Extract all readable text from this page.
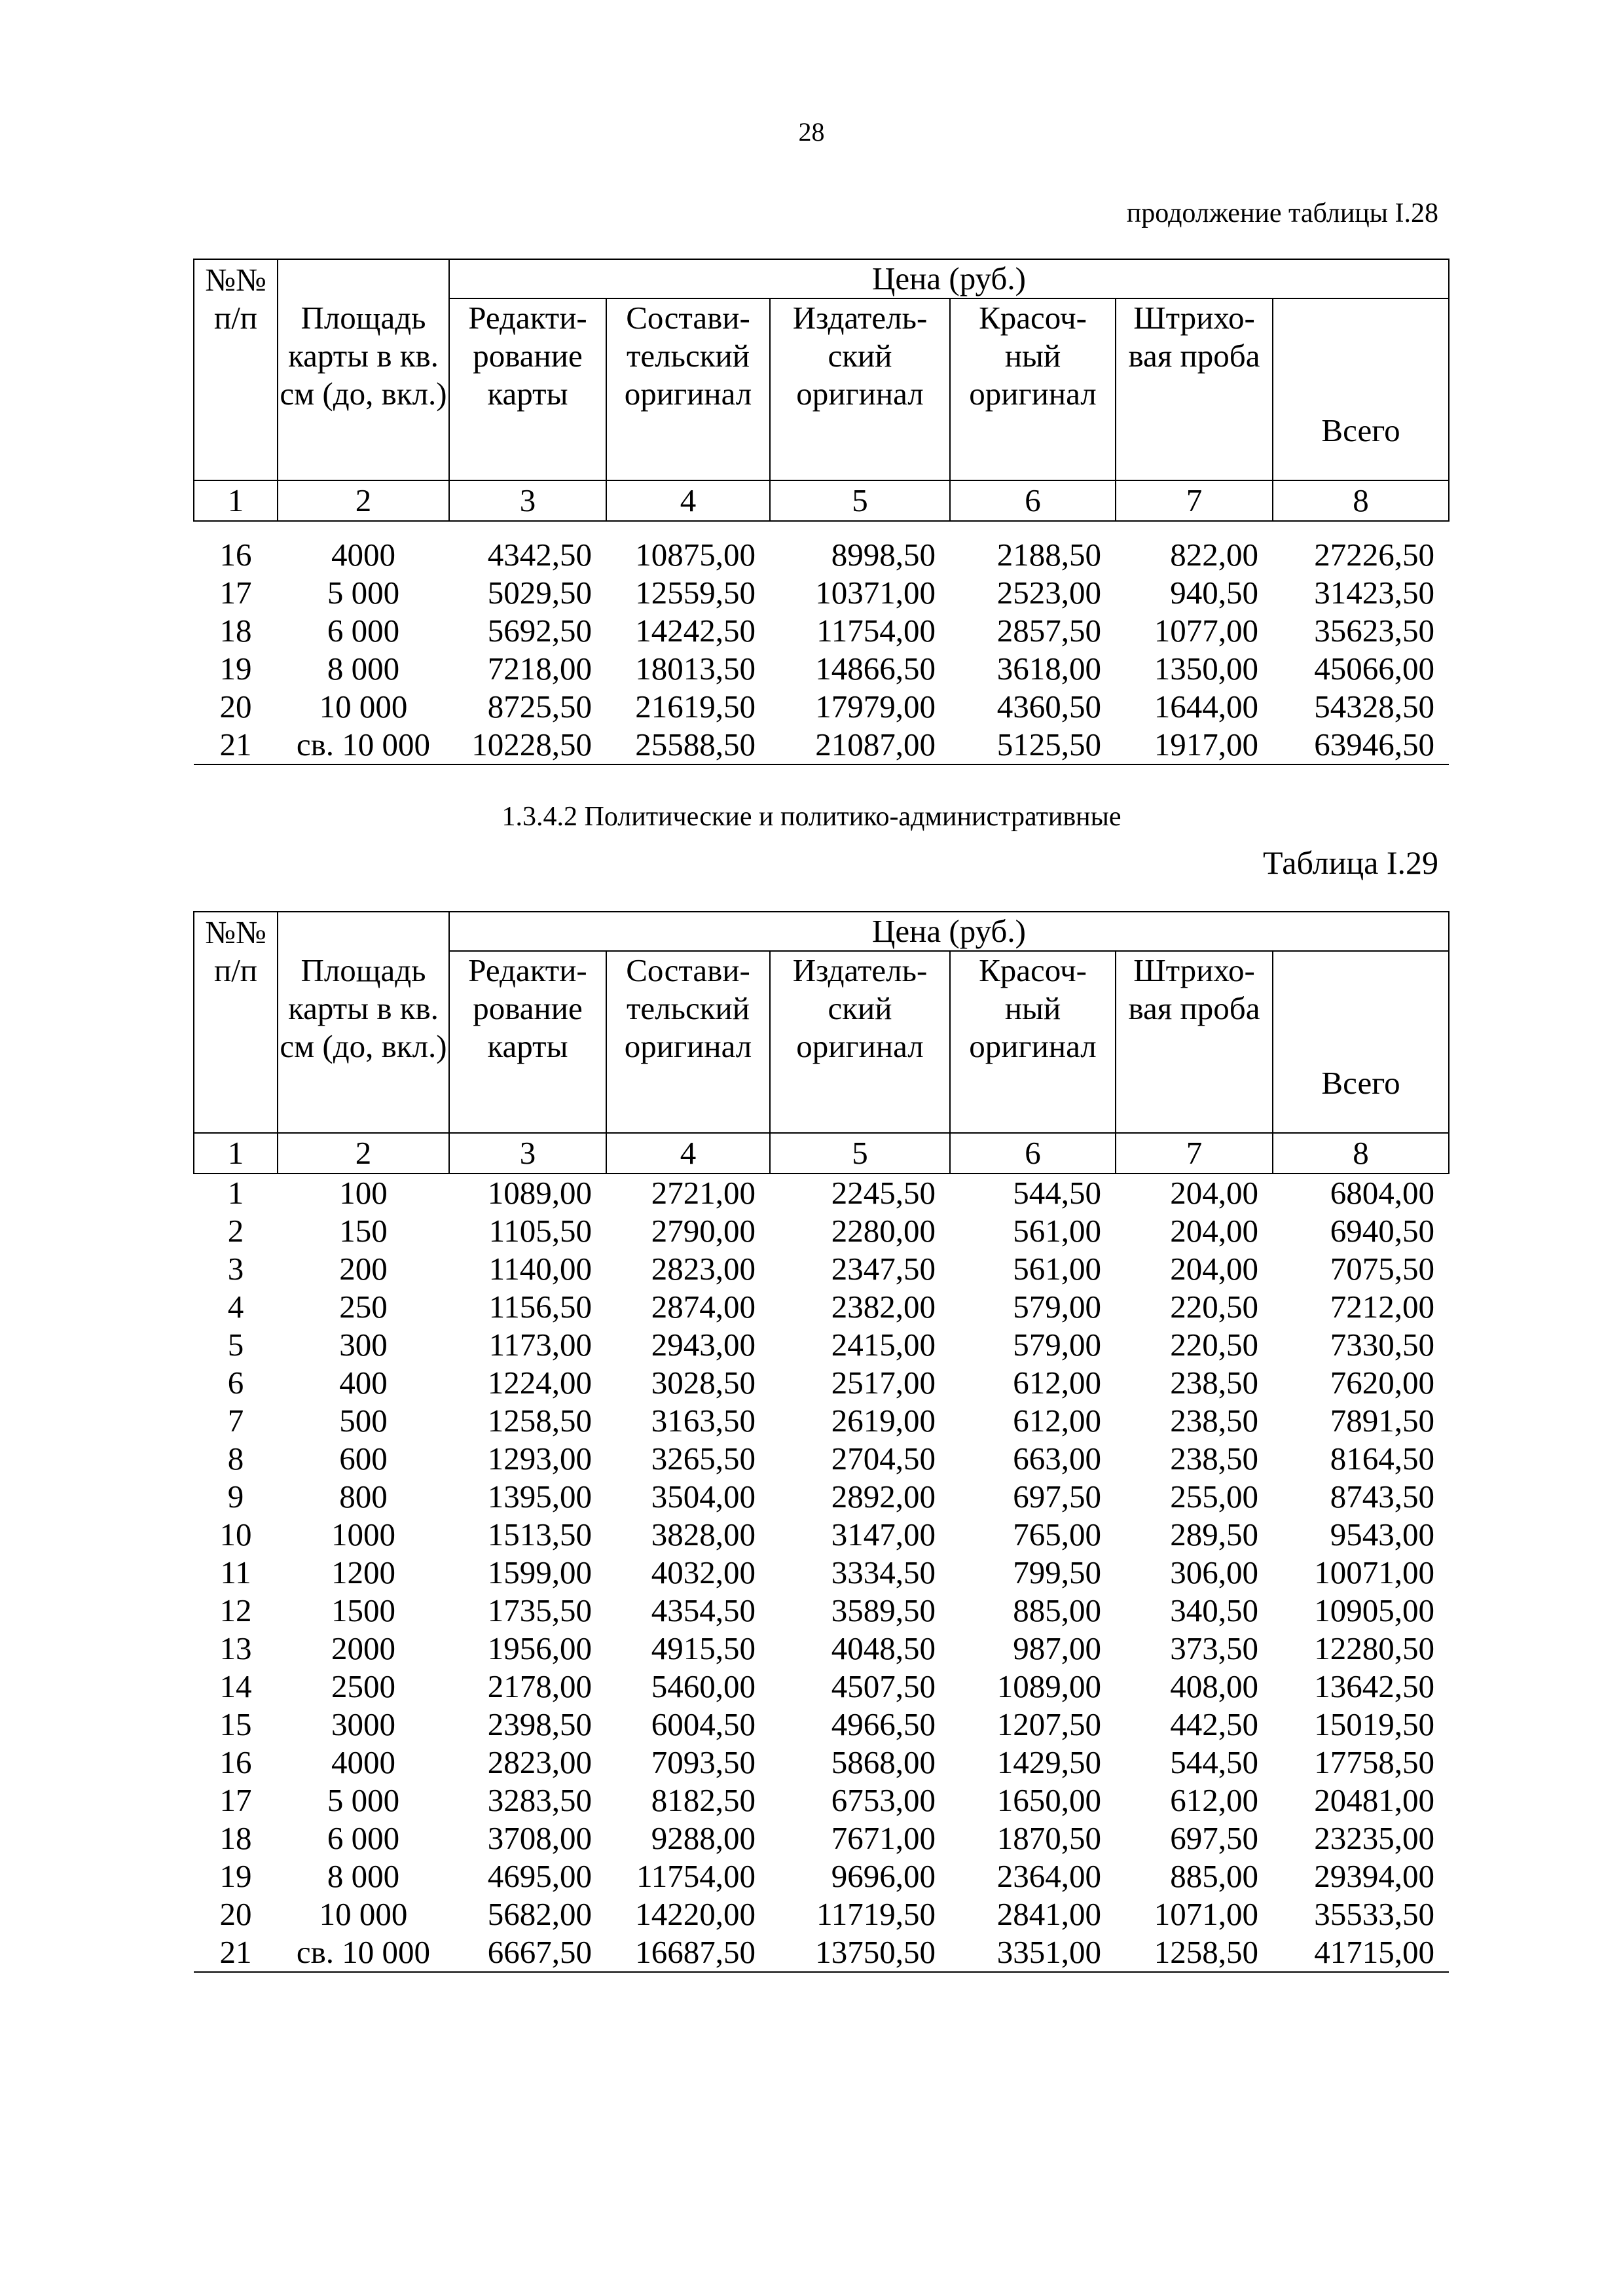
28
продолжение таблицы I.28
№№ п/п	Площадь карты в кв. см (до, вкл.)	Цена (руб.)					
		Редакти- рование карты	Состави- тельский оригинал	Издатель- ский оригинал	Красоч- ный оригинал	Штрихо- вая проба	Всего
1	2	3	4	5	6	7	8
16	4000	4342,50	10875,00	8998,50	2188,50	822,00	27226,50
17	5 000	5029,50	12559,50	10371,00	2523,00	940,50	31423,50
18	6 000	5692,50	14242,50	11754,00	2857,50	1077,00	35623,50
19	8 000	7218,00	18013,50	14866,50	3618,00	1350,00	45066,00
20	10 000	8725,50	21619,50	17979,00	4360,50	1644,00	54328,50
21	св. 10 000	10228,50	25588,50	21087,00	5125,50	1917,00	63946,50
1.3.4.2 Политические и политико-административные
Таблица I.29
№№ п/п	Площадь карты в кв. см (до, вкл.)	Цена (руб.)					
		Редакти- рование карты	Состави- тельский оригинал	Издатель- ский оригинал	Красоч- ный оригинал	Штрихо- вая проба	Всего
1	2	3	4	5	6	7	8
1	100	1089,00	2721,00	2245,50	544,50	204,00	6804,00
2	150	1105,50	2790,00	2280,00	561,00	204,00	6940,50
3	200	1140,00	2823,00	2347,50	561,00	204,00	7075,50
4	250	1156,50	2874,00	2382,00	579,00	220,50	7212,00
5	300	1173,00	2943,00	2415,00	579,00	220,50	7330,50
6	400	1224,00	3028,50	2517,00	612,00	238,50	7620,00
7	500	1258,50	3163,50	2619,00	612,00	238,50	7891,50
8	600	1293,00	3265,50	2704,50	663,00	238,50	8164,50
9	800	1395,00	3504,00	2892,00	697,50	255,00	8743,50
10	1000	1513,50	3828,00	3147,00	765,00	289,50	9543,00
11	1200	1599,00	4032,00	3334,50	799,50	306,00	10071,00
12	1500	1735,50	4354,50	3589,50	885,00	340,50	10905,00
13	2000	1956,00	4915,50	4048,50	987,00	373,50	12280,50
14	2500	2178,00	5460,00	4507,50	1089,00	408,00	13642,50
15	3000	2398,50	6004,50	4966,50	1207,50	442,50	15019,50
16	4000	2823,00	7093,50	5868,00	1429,50	544,50	17758,50
17	5 000	3283,50	8182,50	6753,00	1650,00	612,00	20481,00
18	6 000	3708,00	9288,00	7671,00	1870,50	697,50	23235,00
19	8 000	4695,00	11754,00	9696,00	2364,00	885,00	29394,00
20	10 000	5682,00	14220,00	11719,50	2841,00	1071,00	35533,50
21	св. 10 000	6667,50	16687,50	13750,50	3351,00	1258,50	41715,00
